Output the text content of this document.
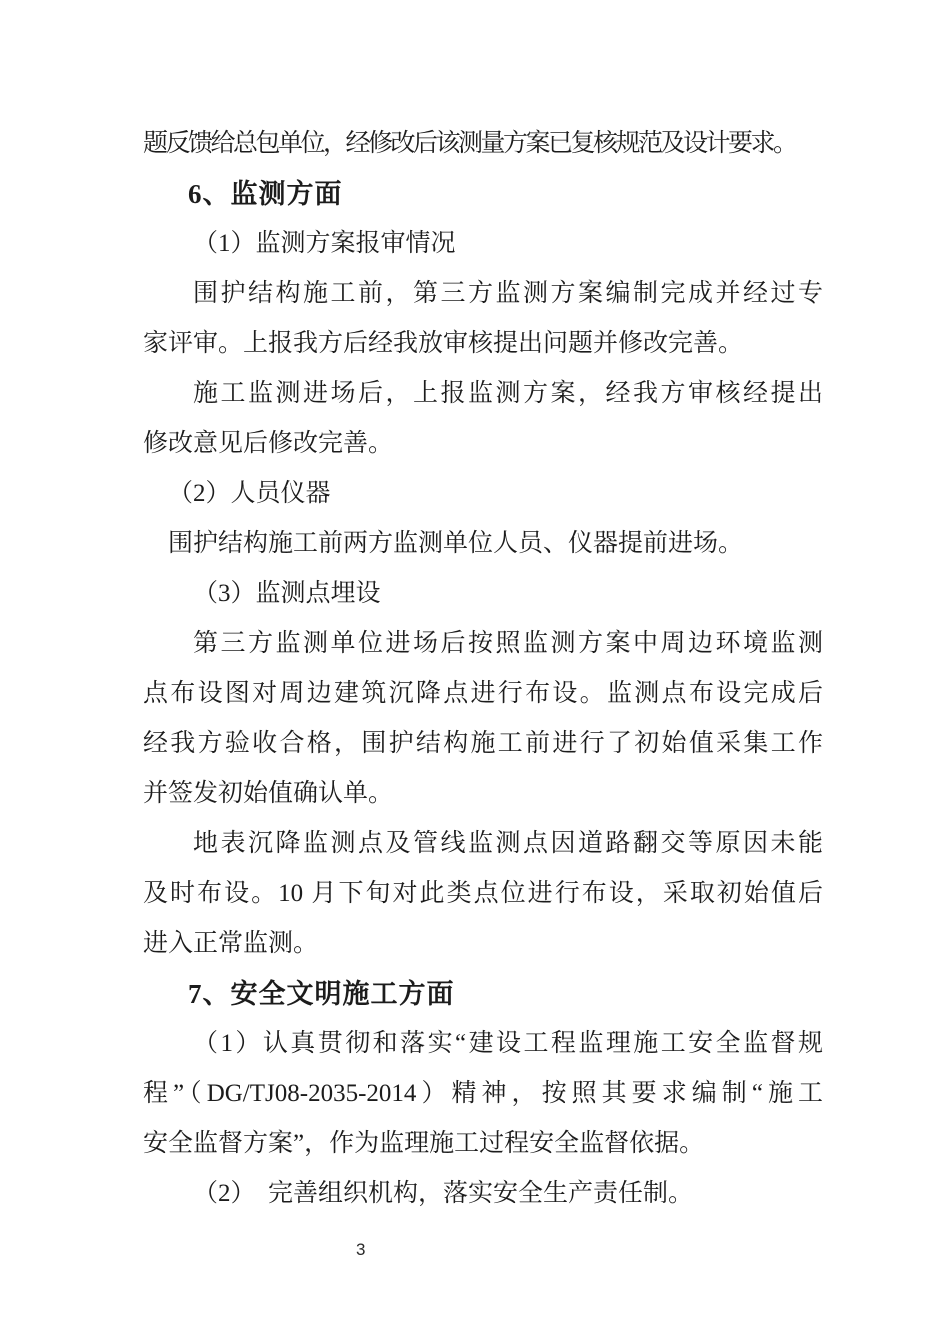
题反馈给总包单位，经修改后该测量方案已复核规范及设计要求。

6、监测方面

（1）监测方案报审情况

围护结构施工前，第三方监测方案编制完成并经过专

家评审。上报我方后经我放审核提出问题并修改完善。

施工监测进场后，上报监测方案，经我方审核经提出

修改意见后修改完善。

（2）人员仪器

围护结构施工前两方监测单位人员、仪器提前进场。

（3）监测点埋设

第三方监测单位进场后按照监测方案中周边环境监测

点布设图对周边建筑沉降点进行布设。监测点布设完成后

经我方验收合格，围护结构施工前进行了初始值采集工作

并签发初始值确认单。

地表沉降监测点及管线监测点因道路翻交等原因未能

及时布设。10 月下旬对此类点位进行布设，采取初始值后

进入正常监测。

7、安全文明施工方面

（1）认真贯彻和落实“建设工程监理施工安全监督规

程”（DG/TJ08-2035-2014）精神，按照其要求编制“施工

安全监督方案”，作为监理施工过程安全监督依据。

（2）　完善组织机构，落实安全生产责任制。

3
